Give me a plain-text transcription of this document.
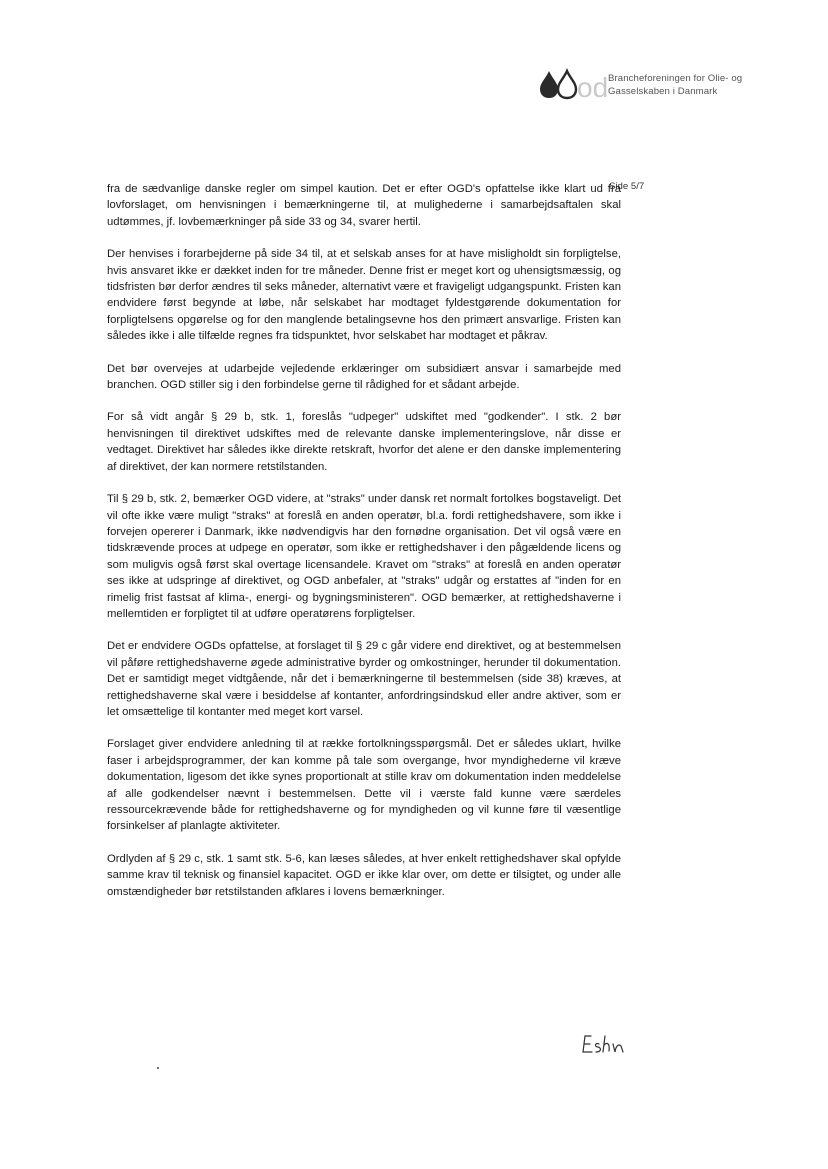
od Brancheforeningen for Olie- og
Gasselskaben i Danmark
Side 5/7

fra de sædvanlige danske regler om simpel kaution. Det er efter OGD's opfattelse ikke klart ud fra lovforslaget, om henvisningen i bemærkningerne til, at mulighederne i samarbejdsaftalen skal udtømmes, jf. lovbemærkninger på side 33 og 34, svarer hertil.

Der henvises i forarbejderne på side 34 til, at et selskab anses for at have misligholdt sin forpligtelse, hvis ansvaret ikke er dækket inden for tre måneder. Denne frist er meget kort og uhensigtsmæssig, og tidsfristen bør derfor ændres til seks måneder, alternativt være et fravigeligt udgangspunkt. Fristen kan endvidere først begynde at løbe, når selskabet har modtaget fyldestgørende dokumentation for forpligtelsens opgørelse og for den manglende betalingsevne hos den primært ansvarlige. Fristen kan således ikke i alle tilfælde regnes fra tidspunktet, hvor selskabet har modtaget et påkrav.

Det bør overvejes at udarbejde vejledende erklæringer om subsidiært ansvar i samarbejde med branchen. OGD stiller sig i den forbindelse gerne til rådighed for et sådant arbejde.

For så vidt angår § 29 b, stk. 1, foreslås "udpeger" udskiftet med "godkender". I stk. 2 bør henvisningen til direktivet udskiftes med de relevante danske implementeringslove, når disse er vedtaget. Direktivet har således ikke direkte retskraft, hvorfor det alene er den danske implementering af direktivet, der kan normere retstilstanden.

Til § 29 b, stk. 2, bemærker OGD videre, at "straks" under dansk ret normalt fortolkes bogstaveligt. Det vil ofte ikke være muligt "straks" at foreslå en anden operatør, bl.a. fordi rettighedshavere, som ikke i forvejen opererer i Danmark, ikke nødvendigvis har den fornødne organisation. Det vil også være en tidskrævende proces at udpege en operatør, som ikke er rettighedshaver i den pågældende licens og som muligvis også først skal overtage licensandele. Kravet om "straks" at foreslå en anden operatør ses ikke at udspringe af direktivet, og OGD anbefaler, at "straks" udgår og erstattes af "inden for en rimelig frist fastsat af klima-, energi- og bygningsministeren". OGD bemærker, at rettighedshaverne i mellemtiden er forpligtet til at udføre operatørens forpligtelser.

Det er endvidere OGDs opfattelse, at forslaget til § 29 c går videre end direktivet, og at bestemmelsen vil påføre rettighedshaverne øgede administrative byrder og omkostninger, herunder til dokumentation. Det er samtidigt meget vidtgående, når det i bemærkningerne til bestemmelsen (side 38) kræves, at rettighedshaverne skal være i besiddelse af kontanter, anfordringsindskud eller andre aktiver, som er let omsættelige til kontanter med meget kort varsel.

Forslaget giver endvidere anledning til at række fortolkningsspørgsmål. Det er således uklart, hvilke faser i arbejdsprogrammer, der kan komme på tale som overgange, hvor myndighederne vil kræve dokumentation, ligesom det ikke synes proportionalt at stille krav om dokumentation inden meddelelse af alle godkendelser nævnt i bestemmelsen. Dette vil i værste fald kunne være særdeles ressourcekrævende både for rettighedshaverne og for myndigheden og vil kunne føre til væsentlige forsinkelser af planlagte aktiviteter.

Ordlyden af § 29 c, stk. 1 samt stk. 5-6, kan læses således, at hver enkelt rettighedshaver skal opfylde samme krav til teknisk og finansiel kapacitet. OGD er ikke klar over, om dette er tilsigtet, og under alle omstændigheder bør retstilstanden afklares i lovens bemærkninger.
